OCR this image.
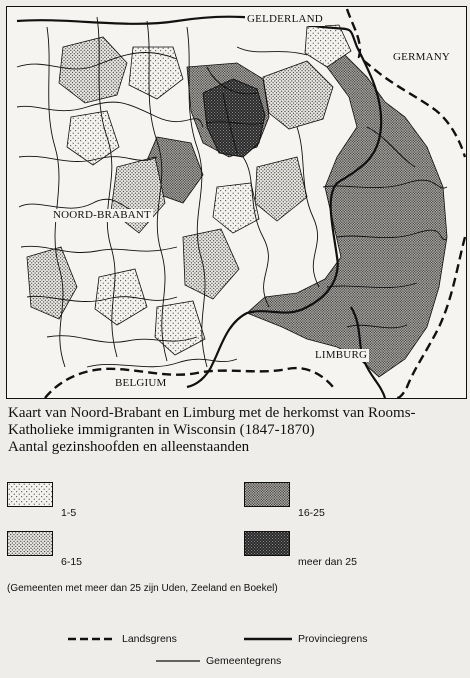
GELDERLAND
GERMANY
NOORD-BRABANT
LIMBURG
BELGIUM
Kaart van Noord-Brabant en Limburg met de herkomst van Rooms-
Katholieke immigranten in Wisconsin (1847-1870)
Aantal gezinshoofden en alleenstaanden
1-5	16-25
6-15	meer dan 25
(Gemeenten met meer dan 25 zijn Uden, Zeeland en Boekel)
Landsgrens	Provinciegrens
Gemeentegrens
